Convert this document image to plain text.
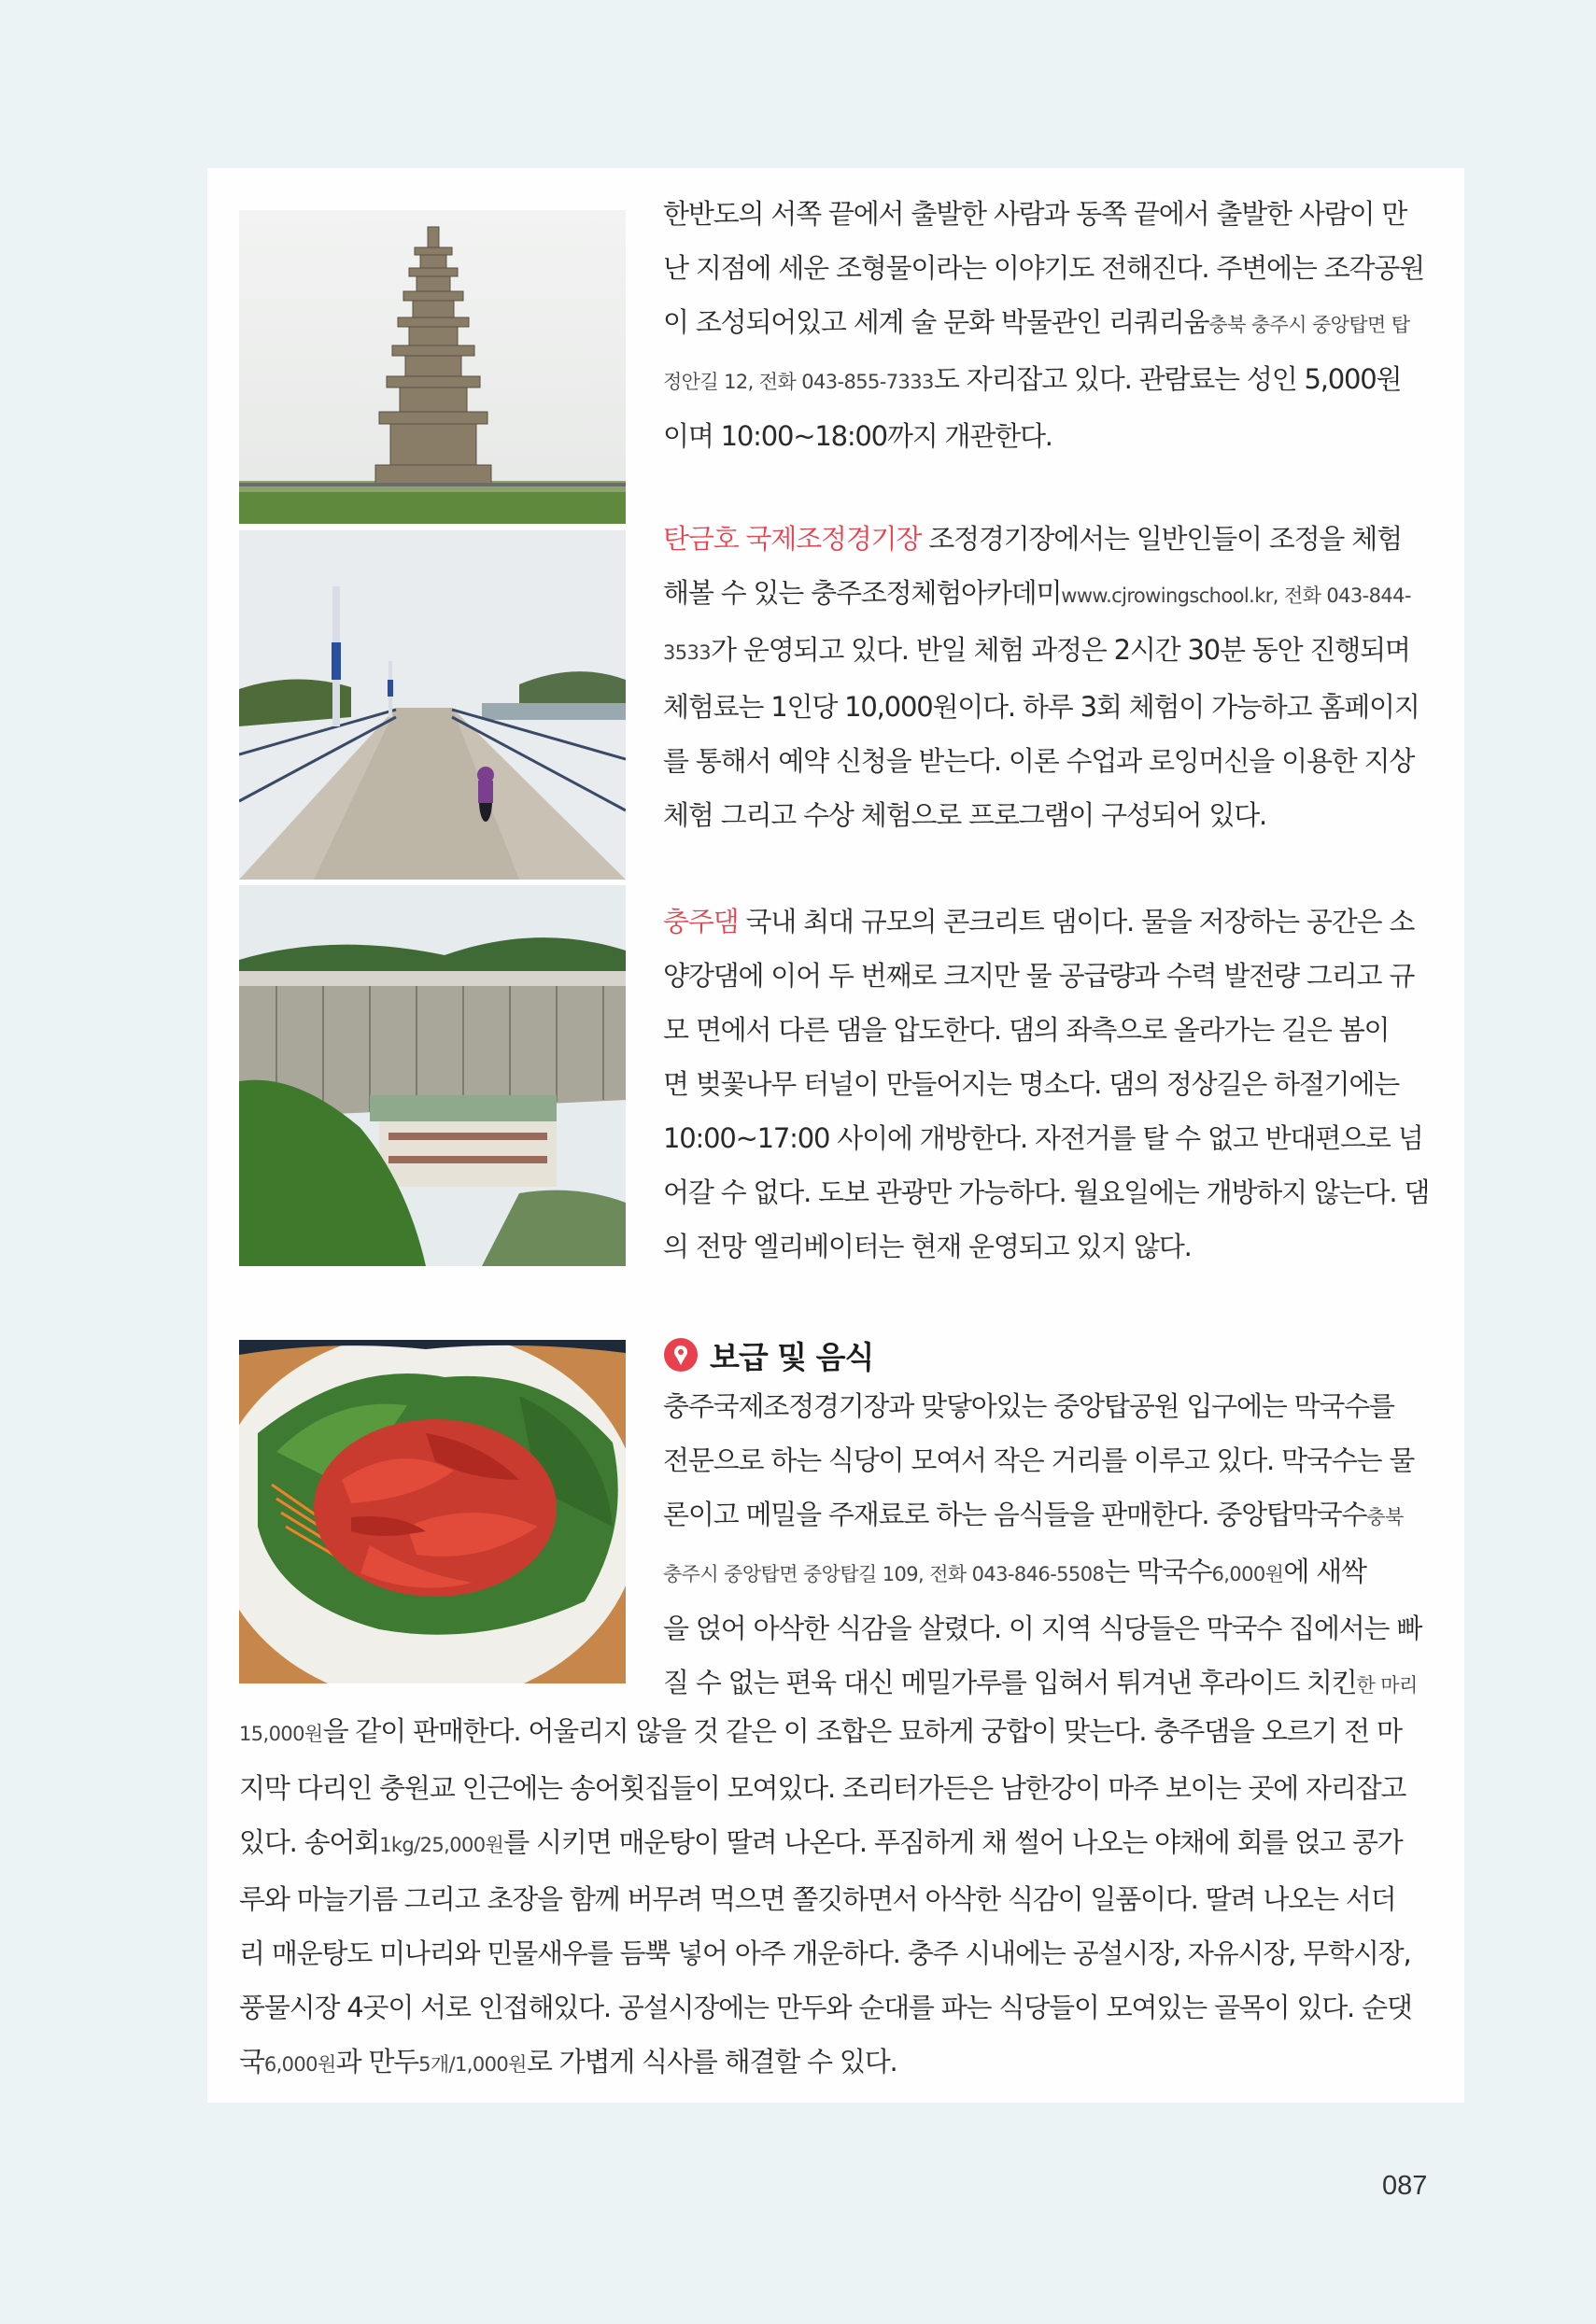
한반도의 서쪽 끝에서 출발한 사람과 동쪽 끝에서 출발한 사람이 만
난 지점에 세운 조형물이라는 이야기도 전해진다. 주변에는 조각공원
이 조성되어있고 세계 술 문화 박물관인 리쿼리움충북 충주시 중앙탑면 탑
정안길 12, 전화 043-855-7333도 자리잡고 있다. 관람료는 성인 5,000원
이며 10:00~18:00까지 개관한다.
탄금호 국제조정경기장 조정경기장에서는 일반인들이 조정을 체험
해볼 수 있는 충주조정체험아카데미www.cjrowingschool.kr, 전화 043-844-
3533가 운영되고 있다. 반일 체험 과정은 2시간 30분 동안 진행되며
체험료는 1인당 10,000원이다. 하루 3회 체험이 가능하고 홈페이지
를 통해서 예약 신청을 받는다. 이론 수업과 로잉머신을 이용한 지상
체험 그리고 수상 체험으로 프로그램이 구성되어 있다.
충주댐 국내 최대 규모의 콘크리트 댐이다. 물을 저장하는 공간은 소
양강댐에 이어 두 번째로 크지만 물 공급량과 수력 발전량 그리고 규
모 면에서 다른 댐을 압도한다. 댐의 좌측으로 올라가는 길은 봄이
면 벚꽃나무 터널이 만들어지는 명소다. 댐의 정상길은 하절기에는
10:00~17:00 사이에 개방한다. 자전거를 탈 수 없고 반대편으로 넘
어갈 수 없다. 도보 관광만 가능하다. 월요일에는 개방하지 않는다. 댐
의 전망 엘리베이터는 현재 운영되고 있지 않다.
보급 및 음식
충주국제조정경기장과 맞닿아있는 중앙탑공원 입구에는 막국수를
전문으로 하는 식당이 모여서 작은 거리를 이루고 있다. 막국수는 물
론이고 메밀을 주재료로 하는 음식들을 판매한다. 중앙탑막국수충북
충주시 중앙탑면 중앙탑길 109, 전화 043-846-5508는 막국수6,000원에 새싹
을 얹어 아삭한 식감을 살렸다. 이 지역 식당들은 막국수 집에서는 빠
질 수 없는 편육 대신 메밀가루를 입혀서 튀겨낸 후라이드 치킨한 마리
15,000원을 같이 판매한다. 어울리지 않을 것 같은 이 조합은 묘하게 궁합이 맞는다. 충주댐을 오르기 전 마
지막 다리인 충원교 인근에는 송어횟집들이 모여있다. 조리터가든은 남한강이 마주 보이는 곳에 자리잡고
있다. 송어회1kg/25,000원를 시키면 매운탕이 딸려 나온다. 푸짐하게 채 썰어 나오는 야채에 회를 얹고 콩가
루와 마늘기름 그리고 초장을 함께 버무려 먹으면 쫄깃하면서 아삭한 식감이 일품이다. 딸려 나오는 서더
리 매운탕도 미나리와 민물새우를 듬뿍 넣어 아주 개운하다. 충주 시내에는 공설시장, 자유시장, 무학시장,
풍물시장 4곳이 서로 인접해있다. 공설시장에는 만두와 순대를 파는 식당들이 모여있는 골목이 있다. 순댓
국6,000원과 만두5개/1,000원로 가볍게 식사를 해결할 수 있다.
087
